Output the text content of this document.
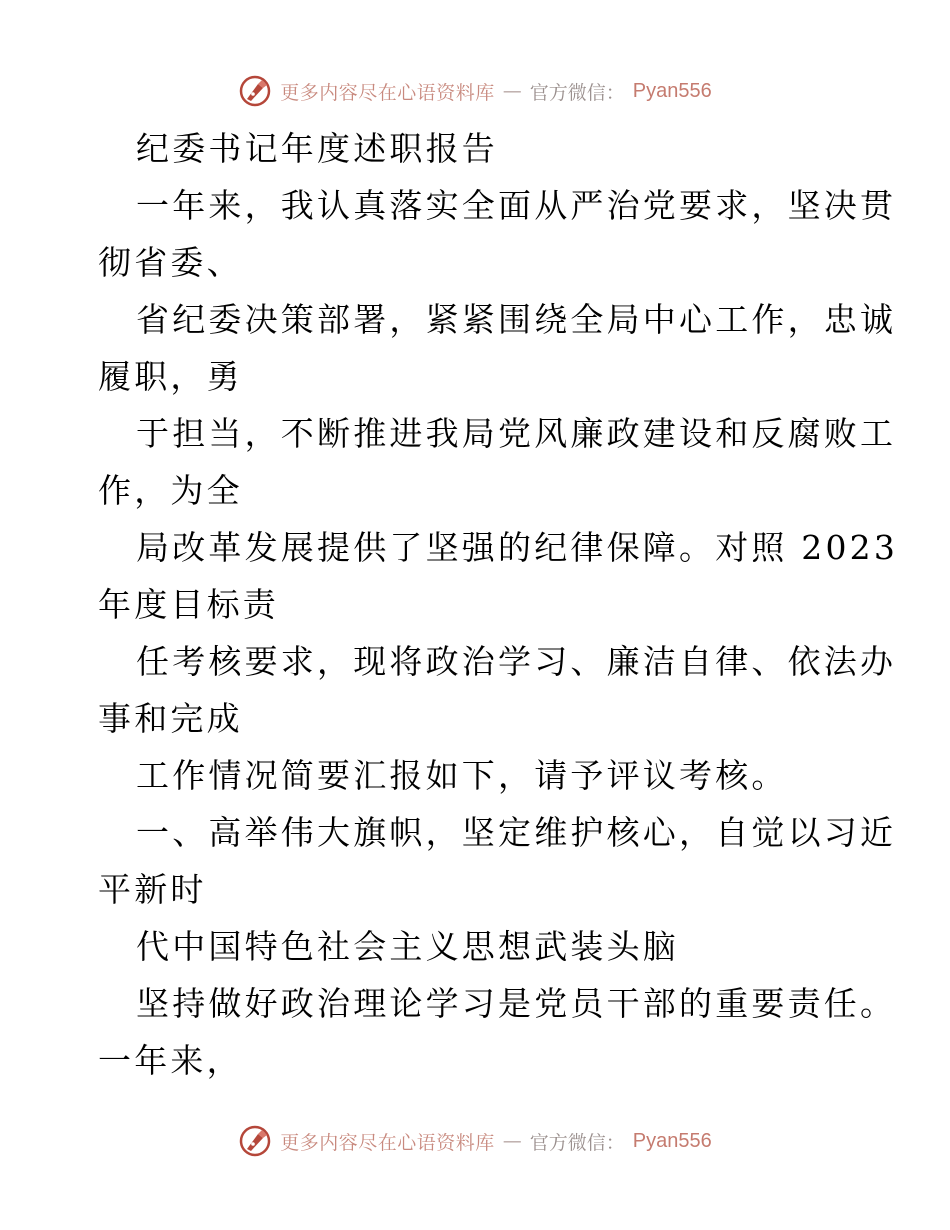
更多内容尽在心语资料库 — 官方微信： Pyan556
纪委书记年度述职报告
一年来，我认真落实全面从严治党要求，坚决贯
彻省委、
省纪委决策部署，紧紧围绕全局中心工作，忠诚
履职，勇
于担当，不断推进我局党风廉政建设和反腐败工
作，为全
局改革发展提供了坚强的纪律保障。对照 2023
年度目标责
任考核要求，现将政治学习、廉洁自律、依法办
事和完成
工作情况简要汇报如下，请予评议考核。
一、高举伟大旗帜，坚定维护核心，自觉以习近
平新时
代中国特色社会主义思想武装头脑
坚持做好政治理论学习是党员干部的重要责任。
一年来，
更多内容尽在心语资料库 — 官方微信： Pyan556
